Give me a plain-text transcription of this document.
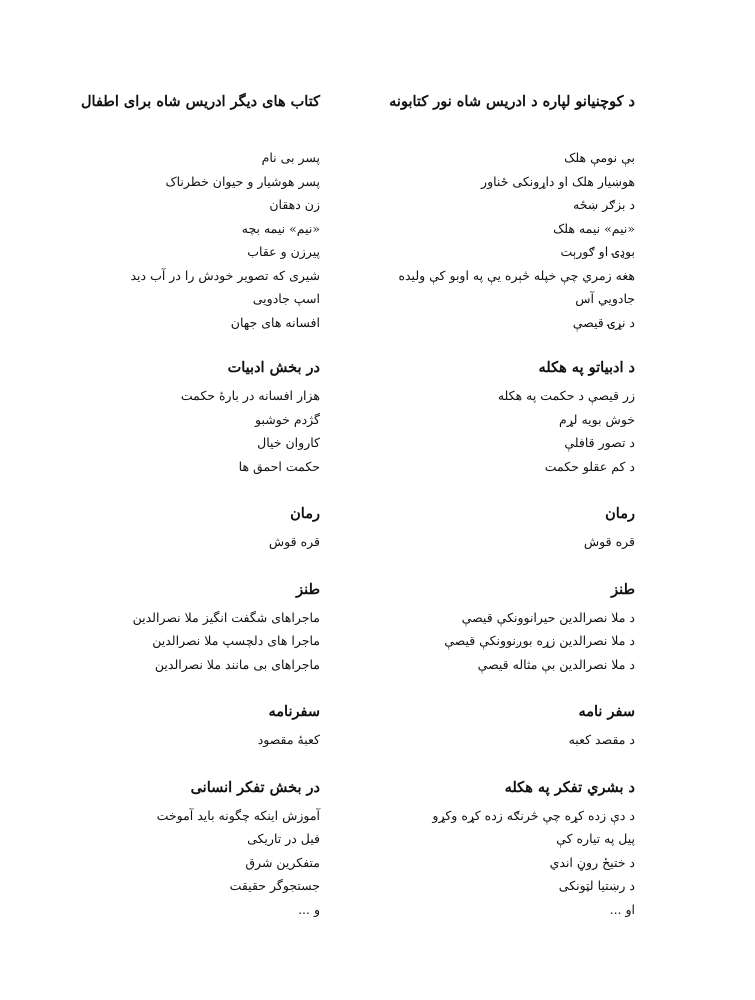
د کوچنیانو لپاره د ادریس شاه نور کتابونه
بې نومې هلک
هوښیار هلک او داړونکی ځناور
د بزګر ښځه
«نیم» نیمه هلک
بوډۍ او ګورېت
هغه زمري چې خپله څېره یې په اوبو کې ولیده
جادویي آس
د نړۍ قیصې
د ادبیاتو په هکله
زر قیصې د حکمت په هکله
خوش بویه لړم
د تصور قافلې
د کم عقلو حکمت
رمان
قره قوش
طنز
د ملا نصرالدین حیرانوونکې قیصې
د ملا نصرالدین زړه بوږنوونکې قیصې
د ملا نصرالدین بې مثاله قیصې
سفر نامه
د مقصد کعبه
د بشري تفکر په هکله
د دې زده کړه چې څرنګه زده کړه وکړو
پیل په تیاره کې
د ختیځ روڼ اندي
د رښتیا لټونکی
او ...
کتاب های دیگر ادریس شاه برای اطفال
پسر بی نام
پسر هوشیار و حیوان خطرناک
زن دهقان
«نیم» نیمه بچه
پیرزن و عقاب
شیری که تصویر خودش را در آب دید
اسپ جادویی
افسانه های جهان
در بخش ادبیات
هزار افسانه در بارهٔ حکمت
گژدم خوشبو
کاروان خیال
حکمت احمق ها
رمان
قره قوش
طنز
ماجراهای شگفت انگیز ملا نصرالدین
ماجرا های دلچسپ ملا نصرالدین
ماجراهای بی مانند ملا نصرالدین
سفرنامه
کعبهٔ مقصود
در بخش تفکر انسانی
آموزش اینکه چگونه باید آموخت
فیل در تاریکی
متفکرین شرق
جستجوگر حقیقت
و ...
